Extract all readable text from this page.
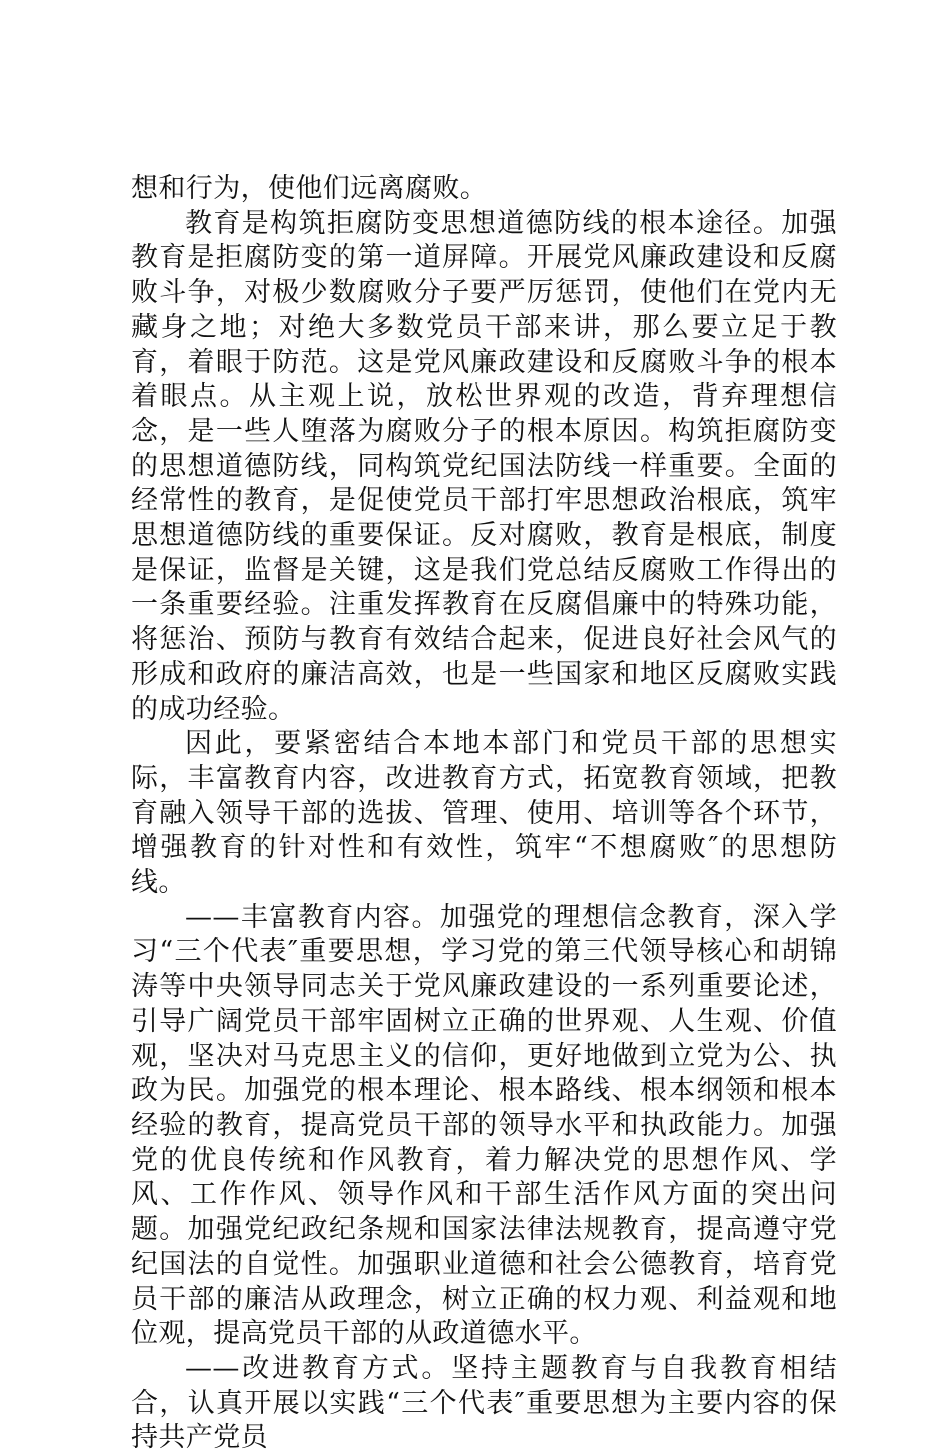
想和行为，使他们远离腐败。

教育是构筑拒腐防变思想道德防线的根本途径。加强教育是拒腐防变的第一道屏障。开展党风廉政建设和反腐败斗争，对极少数腐败分子要严厉惩罚，使他们在党内无藏身之地；对绝大多数党员干部来讲，那么要立足于教育，着眼于防范。这是党风廉政建设和反腐败斗争的根本着眼点。从主观上说，放松世界观的改造，背弃理想信念，是一些人堕落为腐败分子的根本原因。构筑拒腐防变的思想道德防线，同构筑党纪国法防线一样重要。全面的经常性的教育，是促使党员干部打牢思想政治根底，筑牢思想道德防线的重要保证。反对腐败，教育是根底，制度是保证，监督是关键，这是我们党总结反腐败工作得出的一条重要经验。注重发挥教育在反腐倡廉中的特殊功能，将惩治、预防与教育有效结合起来，促进良好社会风气的形成和政府的廉洁高效，也是一些国家和地区反腐败实践的成功经验。

因此，要紧密结合本地本部门和党员干部的思想实际，丰富教育内容，改进教育方式，拓宽教育领域，把教育融入领导干部的选拔、管理、使用、培训等各个环节，增强教育的针对性和有效性，筑牢“不想腐败″的思想防线。

——丰富教育内容。加强党的理想信念教育，深入学习“三个代表″重要思想，学习党的第三代领导核心和胡锦涛等中央领导同志关于党风廉政建设的一系列重要论述，引导广阔党员干部牢固树立正确的世界观、人生观、价值观，坚决对马克思主义的信仰，更好地做到立党为公、执政为民。加强党的根本理论、根本路线、根本纲领和根本经验的教育，提高党员干部的领导水平和执政能力。加强党的优良传统和作风教育，着力解决党的思想作风、学风、工作作风、领导作风和干部生活作风方面的突出问题。加强党纪政纪条规和国家法律法规教育，提高遵守党纪国法的自觉性。加强职业道德和社会公德教育，培育党员干部的廉洁从政理念，树立正确的权力观、利益观和地位观，提高党员干部的从政道德水平。

——改进教育方式。坚持主题教育与自我教育相结合，认真开展以实践“三个代表″重要思想为主要内容的保持共产党员
